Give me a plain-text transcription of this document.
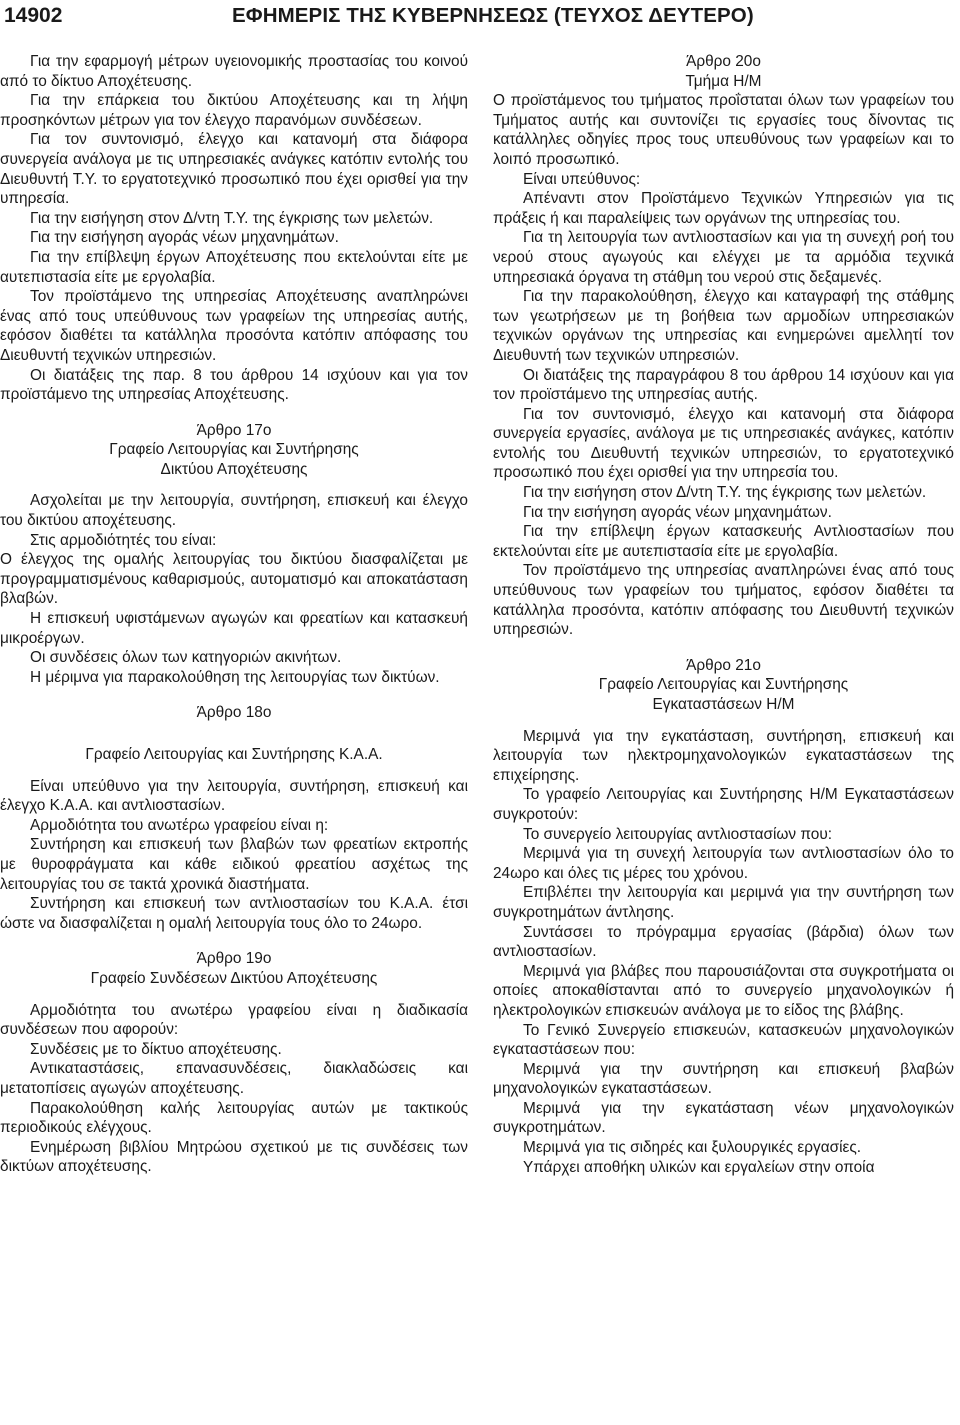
14902	ΕΦΗΜΕΡΙΣ ΤΗΣ ΚΥΒΕΡΝΗΣΕΩΣ (ΤΕΥΧΟΣ ΔΕΥΤΕΡΟ)

Για την εφαρμογή μέτρων υγειονομικής προστασίας του κοινού από το δίκτυο Αποχέτευσης.

Για την επάρκεια του δικτύου Αποχέτευσης και τη λήψη προσηκόντων μέτρων για τον έλεγχο παρανόμων συνδέσεων.

Για τον συντονισμό, έλεγχο και κατανομή στα διάφορα συνεργεία ανάλογα με τις υπηρεσιακές ανάγκες κατόπιν εντολής του Διευθυντή Τ.Υ. το εργατοτεχνικό προσωπικό που έχει ορισθεί για την υπηρεσία.

Για την εισήγηση στον Δ/ντη Τ.Υ. της έγκρισης των μελετών.

Για την εισήγηση αγοράς νέων μηχανημάτων.

Για την επίβλεψη έργων Αποχέτευσης που εκτελούνται είτε με αυτεπιστασία είτε με εργολαβία.

Τον προϊστάμενο της υπηρεσίας Αποχέτευσης αναπληρώνει ένας από τους υπεύθυνους των γραφείων της υπηρεσίας αυτής, εφόσον διαθέτει τα κατάλληλα προσόντα κατόπιν απόφασης του Διευθυντή τεχνικών υπηρεσιών.

Οι διατάξεις της παρ. 8 του άρθρου 14 ισχύουν και για τον προϊστάμενο της υπηρεσίας Αποχέτευσης.

Άρθρο 17ο
Γραφείο Λειτουργίας και Συντήρησης
Δικτύου Αποχέτευσης

Ασχολείται με την λειτουργία, συντήρηση, επισκευή και έλεγχο του δικτύου αποχέτευσης.

Στις αρμοδιότητές του είναι:

Ο έλεγχος της ομαλής λειτουργίας του δικτύου διασφαλίζεται με προγραμματισμένους καθαρισμούς, αυτοματισμό και αποκατάσταση βλαβών.

Η επισκευή υφιστάμενων αγωγών και φρεατίων και κατασκευή μικροέργων.

Οι συνδέσεις όλων των κατηγοριών ακινήτων.

Η μέριμνα για παρακολούθηση της λειτουργίας των δικτύων.

Άρθρο 18ο
Γραφείο Λειτουργίας και Συντήρησης Κ.Α.Α.

Είναι υπεύθυνο για την λειτουργία, συντήρηση, επισκευή και έλεγχο Κ.Α.Α. και αντλιοστασίων.

Αρμοδιότητα του ανωτέρω γραφείου είναι η:

Συντήρηση και επισκευή των βλαβών των φρεατίων εκτροπής με θυροφράγματα και κάθε ειδικού φρεατίου ασχέτως της λειτουργίας του σε τακτά χρονικά διαστήματα.

Συντήρηση και επισκευή των αντλιοστασίων του Κ.Α.Α. έτσι ώστε να διασφαλίζεται η ομαλή λειτουργία τους όλο το 24ωρο.

Άρθρο 19ο
Γραφείο Συνδέσεων Δικτύου Αποχέτευσης

Αρμοδιότητα του ανωτέρω γραφείου είναι η διαδικασία συνδέσεων που αφορούν:

Συνδέσεις με το δίκτυο αποχέτευσης.

Αντικαταστάσεις, επανασυνδέσεις, διακλαδώσεις και μετατοπίσεις αγωγών αποχέτευσης.

Παρακολούθηση καλής λειτουργίας αυτών με τακτικούς περιοδικούς ελέγχους.

Ενημέρωση βιβλίου Μητρώου σχετικού με τις συνδέσεις των δικτύων αποχέτευσης.

Άρθρο 20ο
Τμήμα Η/Μ

Ο προϊστάμενος του τμήματος προΐσταται όλων των γραφείων του Τμήματος αυτής και συντονίζει τις εργασίες τους δίνοντας τις κατάλληλες οδηγίες προς τους υπευθύνους των γραφείων και το λοιπό προσωπικό.

Είναι υπεύθυνος:

Απέναντι στον Προϊστάμενο Τεχνικών Υπηρεσιών για τις πράξεις ή και παραλείψεις των οργάνων της υπηρεσίας του.

Για τη λειτουργία των αντλιοστασίων και για τη συνεχή ροή του νερού στους αγωγούς και ελέγχει με τα αρμόδια τεχνικά υπηρεσιακά όργανα τη στάθμη του νερού στις δεξαμενές.

Για την παρακολούθηση, έλεγχο και καταγραφή της στάθμης των γεωτρήσεων με τη βοήθεια των αρμοδίων υπηρεσιακών τεχνικών οργάνων της υπηρεσίας και ενημερώνει αμελλητί τον Διευθυντή των τεχνικών υπηρεσιών.

Οι διατάξεις της παραγράφου 8 του άρθρου 14 ισχύουν και για τον προϊστάμενο της υπηρεσίας αυτής.

Για τον συντονισμό, έλεγχο και κατανομή στα διάφορα συνεργεία εργασίες, ανάλογα με τις υπηρεσιακές ανάγκες, κατόπιν εντολής του Διευθυντή τεχνικών υπηρεσιών, το εργατοτεχνικό προσωπικό που έχει ορισθεί για την υπηρεσία του.

Για την εισήγηση στον Δ/ντη Τ.Υ. της έγκρισης των μελετών.

Για την εισήγηση αγοράς νέων μηχανημάτων.

Για την επίβλεψη έργων κατασκευής Αντλιοστασίων που εκτελούνται είτε με αυτεπιστασία είτε με εργολαβία.

Τον προϊστάμενο της υπηρεσίας αναπληρώνει ένας από τους υπεύθυνους των γραφείων του τμήματος, εφόσον διαθέτει τα κατάλληλα προσόντα, κατόπιν απόφασης του Διευθυντή τεχνικών υπηρεσιών.

Άρθρο 21ο
Γραφείο Λειτουργίας και Συντήρησης
Εγκαταστάσεων Η/Μ

Μεριμνά για την εγκατάσταση, συντήρηση, επισκευή και λειτουργία των ηλεκτρομηχανολογικών εγκαταστάσεων της επιχείρησης.

Το γραφείο Λειτουργίας και Συντήρησης Η/Μ Εγκαταστάσεων συγκροτούν:

Το συνεργείο λειτουργίας αντλιοστασίων που:

Μεριμνά για τη συνεχή λειτουργία των αντλιοστασίων όλο το 24ωρο και όλες τις μέρες του χρόνου.

Επιβλέπει την λειτουργία και μεριμνά για την συντήρηση των συγκροτημάτων άντλησης.

Συντάσσει το πρόγραμμα εργασίας (βάρδια) όλων των αντλιοστασίων.

Μεριμνά για βλάβες που παρουσιάζονται στα συγκροτήματα οι οποίες αποκαθίστανται από το συνεργείο μηχανολογικών ή ηλεκτρολογικών επισκευών ανάλογα με το είδος της βλάβης.

Το Γενικό Συνεργείο επισκευών, κατασκευών μηχανολογικών εγκαταστάσεων που:

Μεριμνά για την συντήρηση και επισκευή βλαβών μηχανολογικών εγκαταστάσεων.

Μεριμνά για την εγκατάσταση νέων μηχανολογικών συγκροτημάτων.

Μεριμνά για τις σιδηρές και ξυλουργικές εργασίες.

Υπάρχει αποθήκη υλικών και εργαλείων στην οποία
